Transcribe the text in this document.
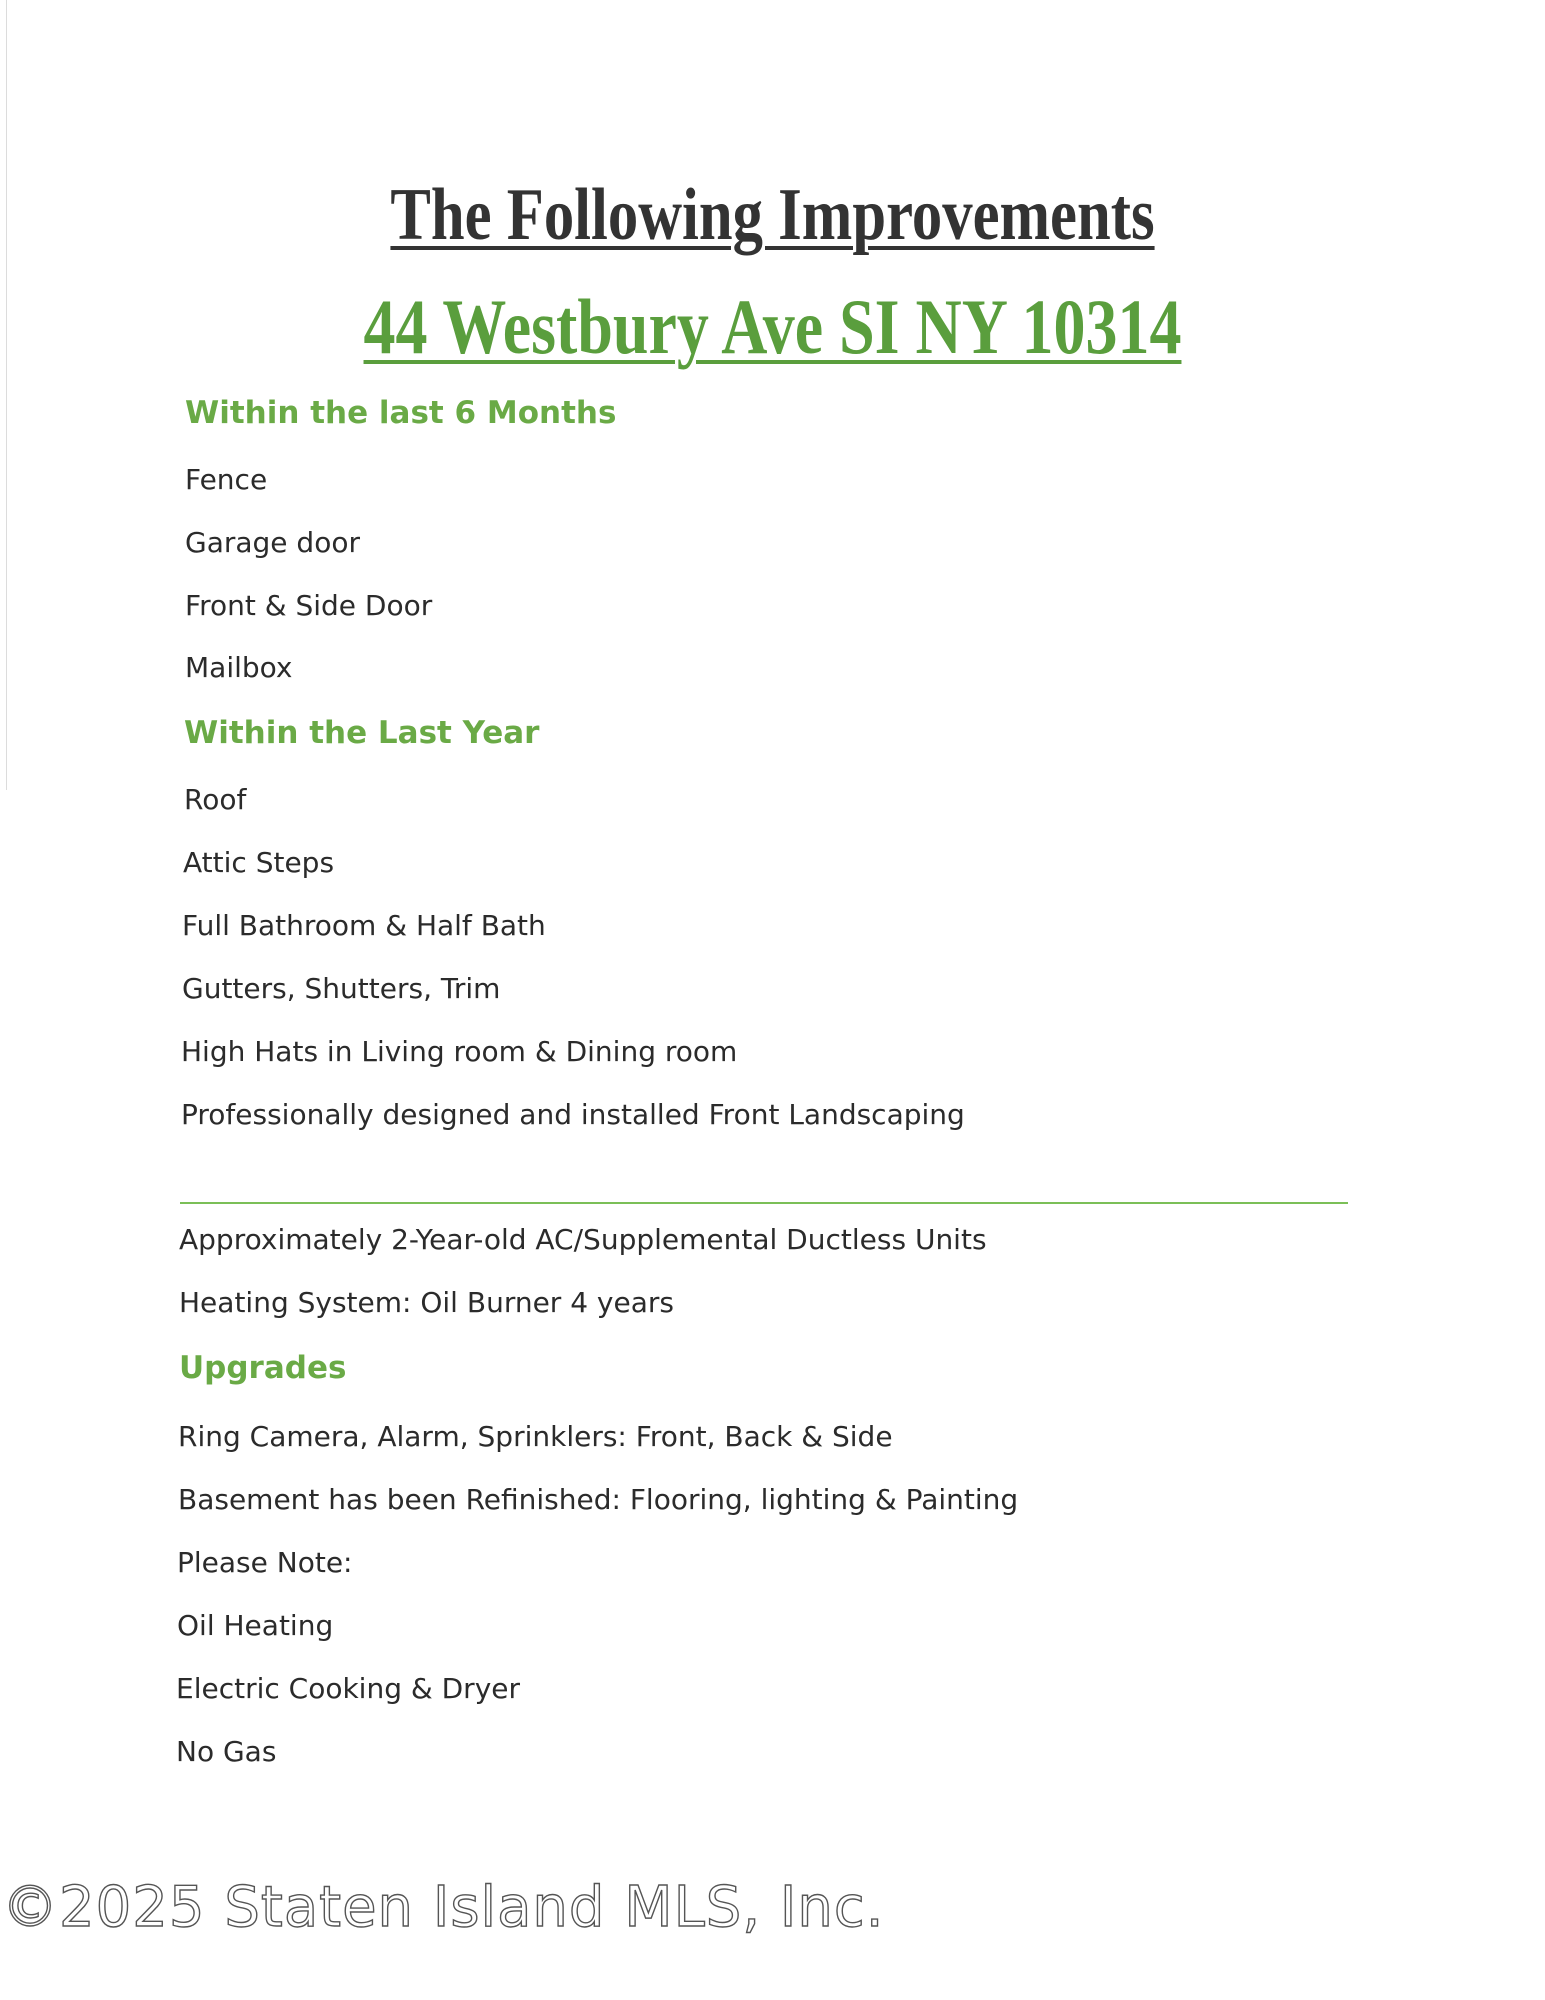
The Following Improvements
44 Westbury Ave SI NY 10314
Within the last 6 Months
Fence
Garage door
Front & Side Door
Mailbox
Within the Last Year
Roof
Attic Steps
Full Bathroom & Half Bath
Gutters, Shutters, Trim
High Hats in Living room & Dining room
Professionally designed and installed Front Landscaping
Approximately 2-Year-old AC/Supplemental Ductless Units
Heating System: Oil Burner 4 years
Upgrades
Ring Camera, Alarm, Sprinklers: Front, Back & Side
Basement has been Refinished: Flooring, lighting & Painting
Please Note:
Oil Heating
Electric Cooking & Dryer
No Gas
©2025 Staten Island MLS, Inc.
